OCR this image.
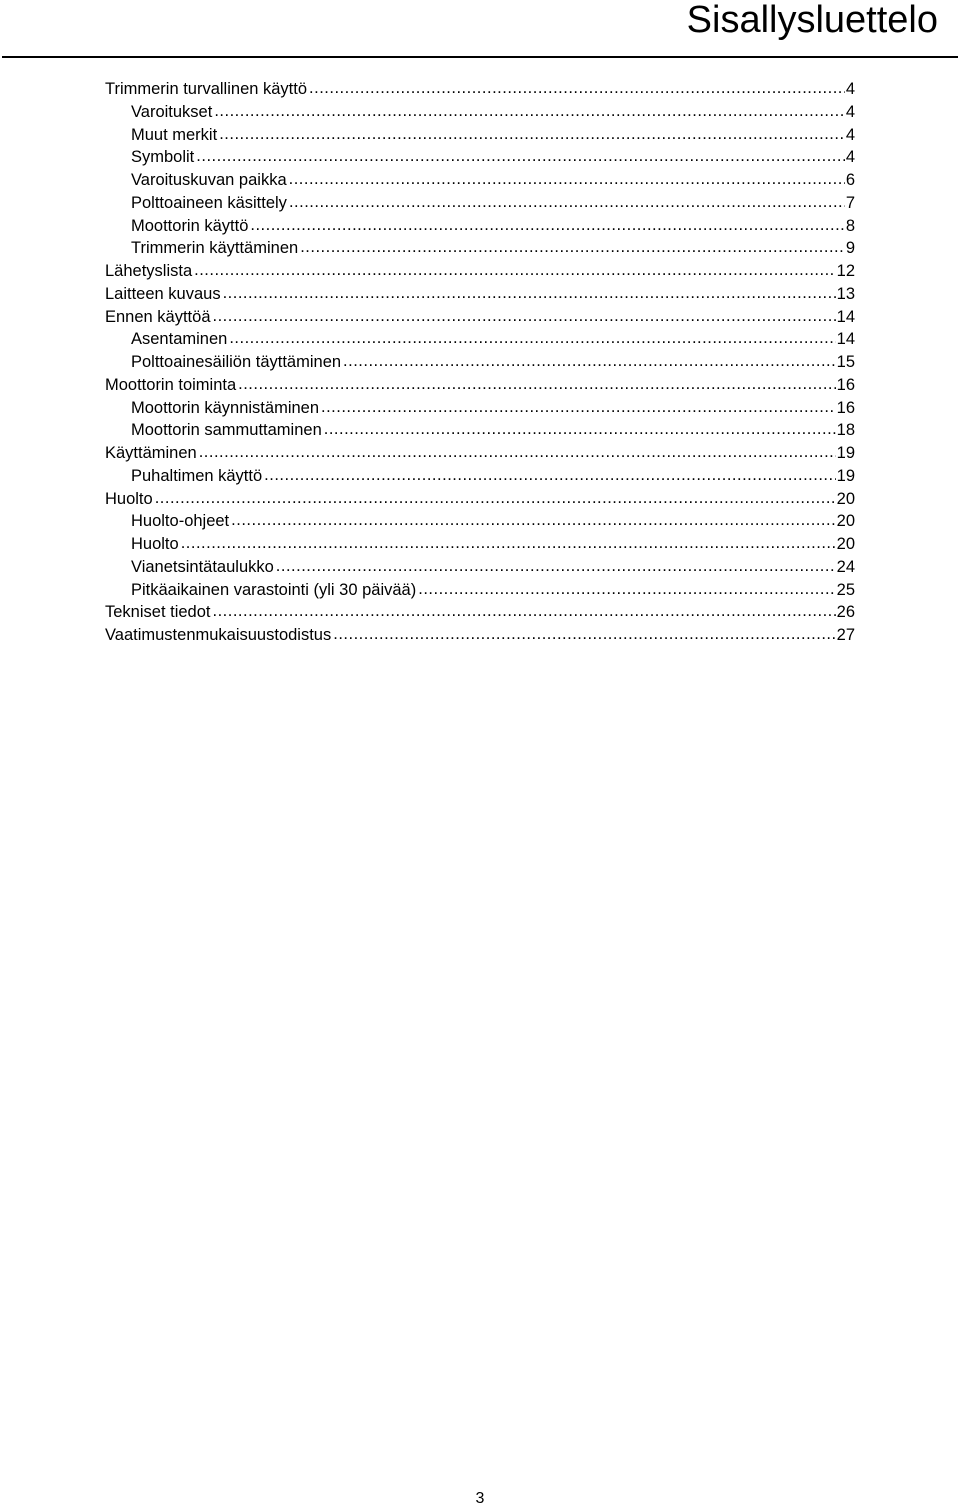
Sisallysluettelo
Trimmerin turvallinen käyttö .....	4
Varoitukset .....	4
Muut merkit .....	4
Symbolit .....	4
Varoituskuvan paikka .....	6
Polttoaineen käsittely .....	7
Moottorin käyttö .....	8
Trimmerin käyttäminen .....	9
Lähetyslista .....	12
Laitteen kuvaus .....	13
Ennen käyttöä .....	14
Asentaminen .....	14
Polttoainesäiliön täyttäminen .....	15
Moottorin toiminta .....	16
Moottorin käynnistäminen .....	16
Moottorin sammuttaminen .....	18
Käyttäminen .....	19
Puhaltimen käyttö .....	19
Huolto .....	20
Huolto-ohjeet .....	20
Huolto .....	20
Vianetsintätaulukko .....	24
Pitkäaikainen varastointi (yli 30 päivää) .....	25
Tekniset tiedot .....	26
Vaatimustenmukaisuustodistus .....	27
3
